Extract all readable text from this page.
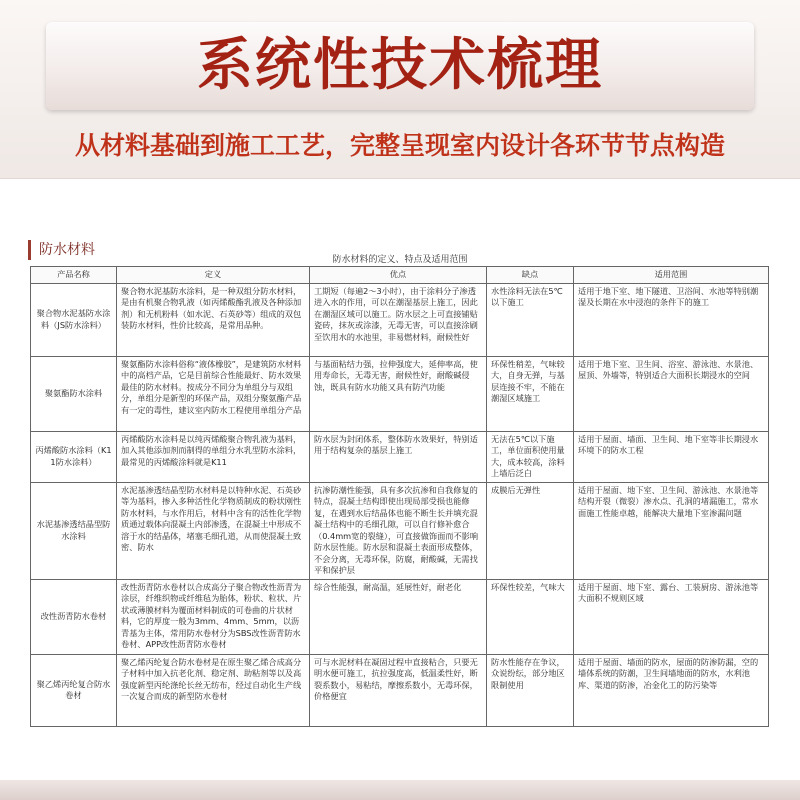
系统性技术梳理
从材料基础到施工工艺，完整呈现室内设计各环节节点构造
防水材料
防水材料的定义、特点及适用范围
产品名称	定义	优点	缺点	适用范围
聚合物水泥基防水涂料（JS防水涂料）	聚合物水泥基防水涂料，是一种双组分防水材料，是由有机聚合物乳液（如丙烯酸酯乳液及各种添加剂）和无机粉料（如水泥、石英砂等）组成的双包装防水材料，性价比较高，是常用品种。	工期短（每遍2～3小时），由于涂料分子渗透进入水的作用，可以在潮湿基层上施工，因此在潮湿区域可以施工。防水层之上可直接铺贴瓷砖，抹灰或涂漆，无毒无害，可以直接涂刷至饮用水的水池里，非易燃材料，耐候性好	水性涂料无法在5℃以下施工	适用于地下室、地下隧道、卫浴间、水池等特别潮湿及长期在水中浸泡的条件下的施工
聚氨酯防水涂料	聚氨酯防水涂料俗称“液体橡胶”，是建筑防水材料中的高档产品，它是目前综合性能最好、防水效果最佳的防水材料。按成分不同分为单组分与双组分，单组分是新型的环保产品，双组分聚氨酯产品有一定的毒性，建议室内防水工程使用单组分产品	与基面粘结力强，拉伸强度大，延伸率高，使用寿命长，无毒无害，耐候性好，耐酸碱侵蚀，既具有防水功能又具有防汽功能	环保性稍差，气味较大，自身无弹，与基层连接不牢，不能在潮湿区域施工	适用于地下室、卫生间、浴室、游泳池、水景池、屋顶、外墙等，特别适合大面积长期浸水的空间
丙烯酸防水涂料（K11防水涂料）	丙烯酸防水涂料是以纯丙烯酸聚合物乳液为基料，加入其他添加剂而制得的单组分水乳型防水涂料，最常见的丙烯酸涂料就是K11	防水层为封闭体系，整体防水效果好，特别适用于结构复杂的基层上施工	无法在5℃以下施工，单位面积使用量大，成本较高，涂料上墙后泛白	适用于屋面、墙面、卫生间、地下室等非长期浸水环境下的防水工程
水泥基渗透结晶型防水涂料	水泥基渗透结晶型防水材料是以特种水泥、石英砂等为基料，掺入多种活性化学物质制成的粉状刚性防水材料，与水作用后，材料中含有的活性化学物质通过载体向混凝土内部渗透，在混凝土中形成不溶于水的结晶体，堵塞毛细孔道，从而使混凝土致密、防水	抗渗防潮性能强，具有多次抗渗和自我修复的特点，混凝土结构即使出现局部受损也能修复，在遇到水后结晶体也能不断生长并填充混凝土结构中的毛细孔隙，可以自行修补愈合（0.4mm宽的裂缝），可直接做饰面而不影响防水层性能。防水层和混凝土表面形成整体，不会分离，无毒环保，防腐，耐酸碱，无需找平和保护层	成膜后无弹性	适用于屋面、地下室、卫生间、游泳池、水景池等结构开裂（微裂）渗水点、孔洞的堵漏施工，常水面施工性能卓越，能解决大量地下室渗漏问题
改性沥青防水卷材	改性沥青防水卷材以合成高分子聚合物改性沥青为涂层，纤维织物或纤维毡为胎体，粉状、粒状、片状或薄膜材料为覆面材料制成的可卷曲的片状材料，它的厚度一般为3mm、4mm、5mm，以沥青基为主体，常用防水卷材分为SBS改性沥青防水卷材、APP改性沥青防水卷材	综合性能强，耐高温，延展性好，耐老化	环保性较差，气味大	适用于屋面、地下室、露台、工装厨房、游泳池等大面积不规则区域
聚乙烯丙纶复合防水卷材	聚乙烯丙纶复合防水卷材是在原生聚乙烯合成高分子材料中加入抗老化剂、稳定剂、助粘剂等以及高强度新型丙纶涤纶长丝无纺布，经过自动化生产线一次复合而成的新型防水卷材	可与水泥材料在凝固过程中直接粘合，只要无明水便可施工，抗拉强度高，低温柔性好，断裂系数小，易粘结，摩擦系数小，无毒环保，价格便宜	防水性能存在争议，众说纷纭，部分地区限制使用	适用于屋面、墙面的防水，屋面的防渗防漏，空的墙体系统的防潮，卫生间墙地面的防水，水利池库、渠道的防渗，冶金化工的防污染等
